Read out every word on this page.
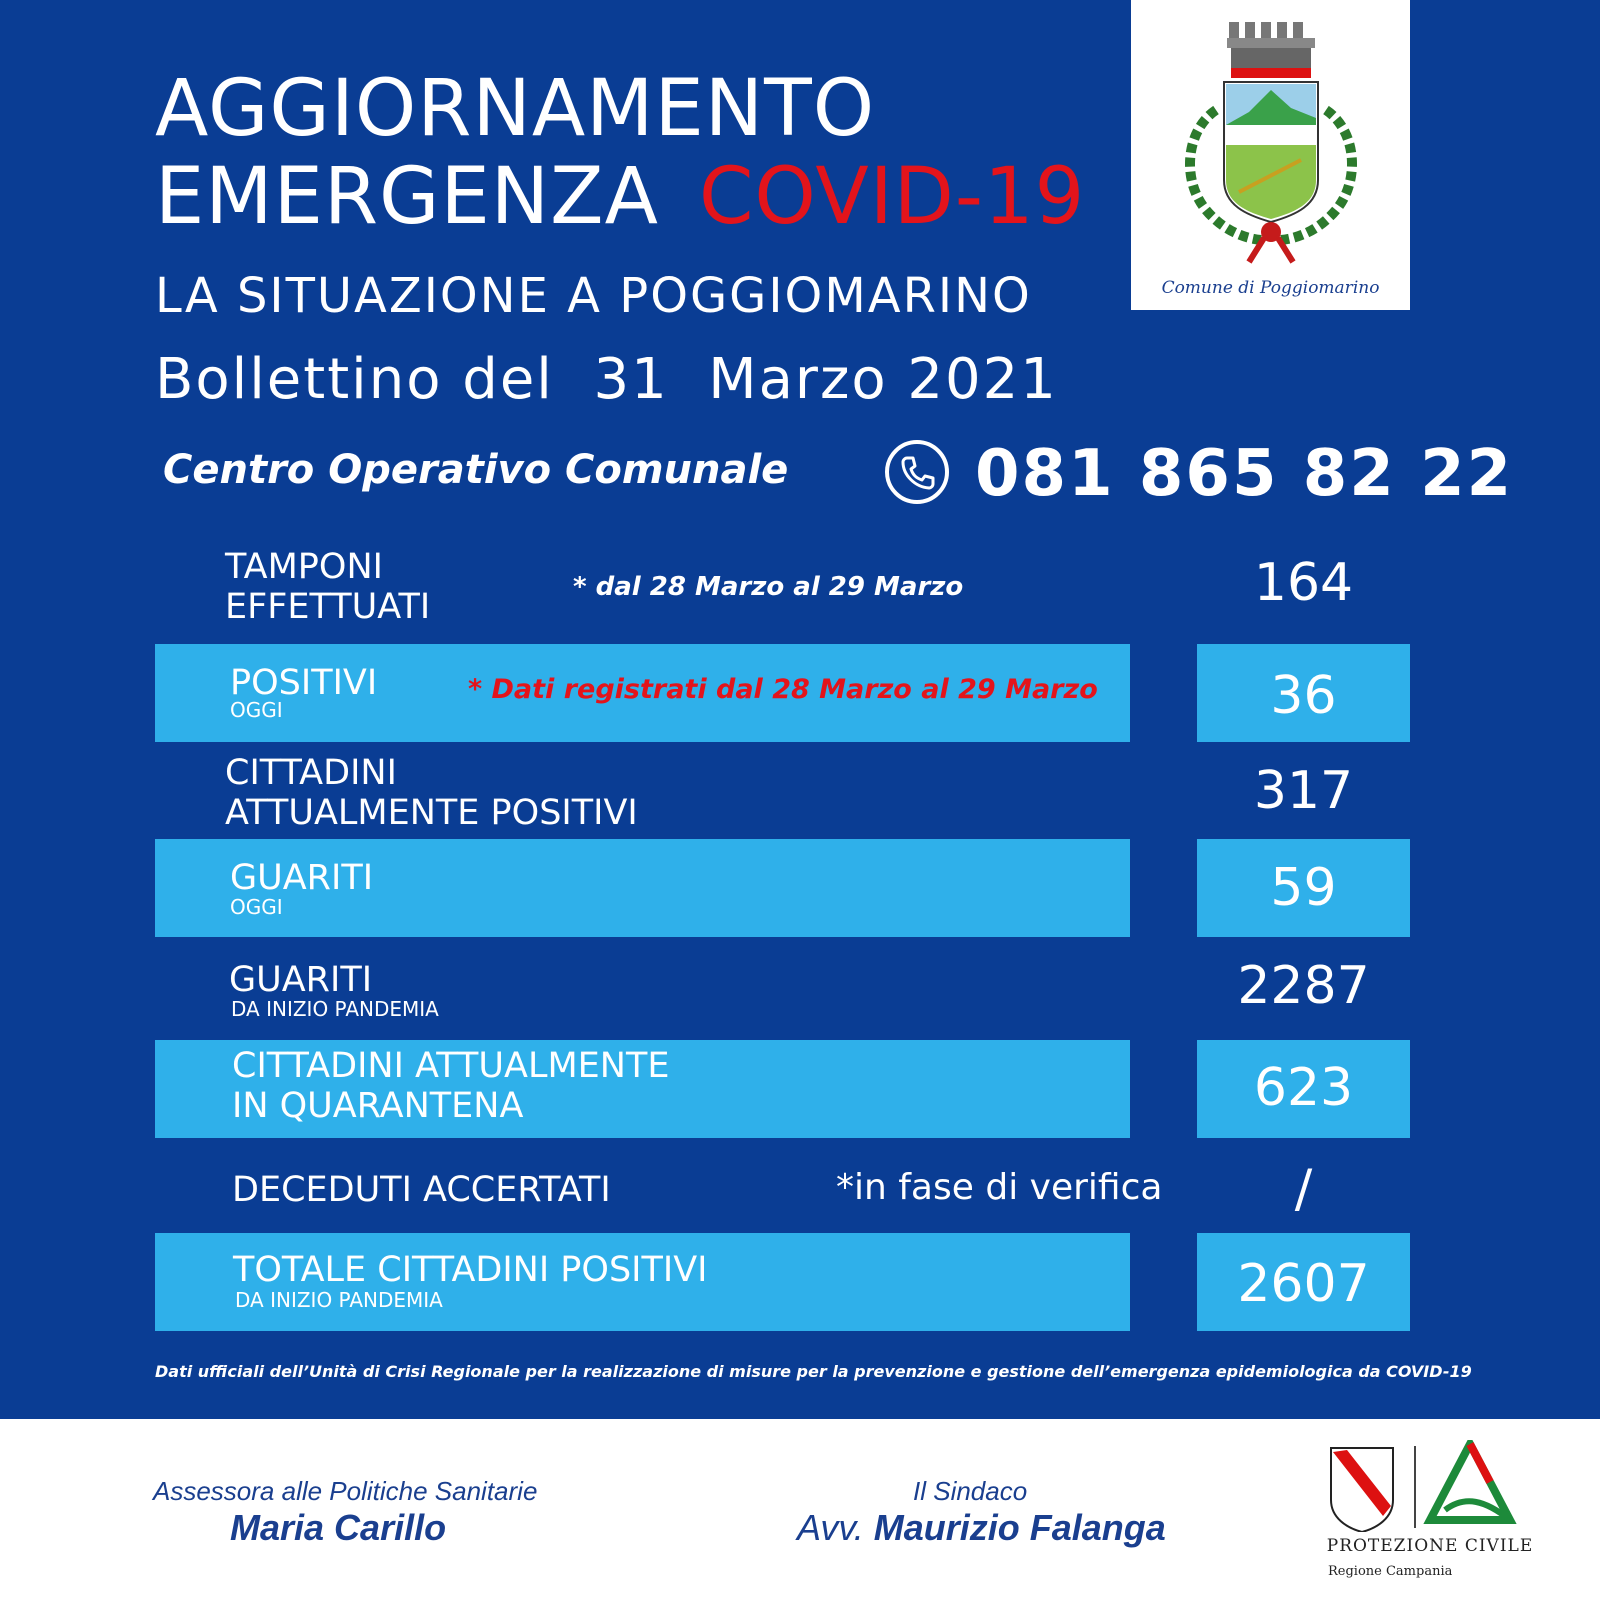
AGGIORNAMENTO
EMERGENZA COVID-19
LA SITUAZIONE A POGGIOMARINO
Bollettino del  31  Marzo 2021
Centro Operativo Comunale	081 865 82 22
Comune di Poggiomarino
TAMPONI
EFFETTUATI
* dal 28 Marzo al 29 Marzo	164
POSITIVI
OGGI
* Dati registrati dal 28 Marzo al 29 Marzo	36
CITTADINI
ATTUALMENTE POSITIVI	317
GUARITI
OGGI	59
GUARITI
DA INIZIO PANDEMIA	2287
CITTADINI ATTUALMENTE
IN QUARANTENA	623
DECEDUTI ACCERTATI	*in fase di verifica	/
TOTALE CITTADINI POSITIVI
DA INIZIO PANDEMIA	2607
Dati ufficiali dell’Unità di Crisi Regionale per la realizzazione di misure per la prevenzione e gestione dell’emergenza epidemiologica da COVID-19
Assessora alle Politiche Sanitarie
Maria Carillo
Il Sindaco
Avv. Maurizio Falanga	PROTEZIONE CIVILE
Regione Campania
